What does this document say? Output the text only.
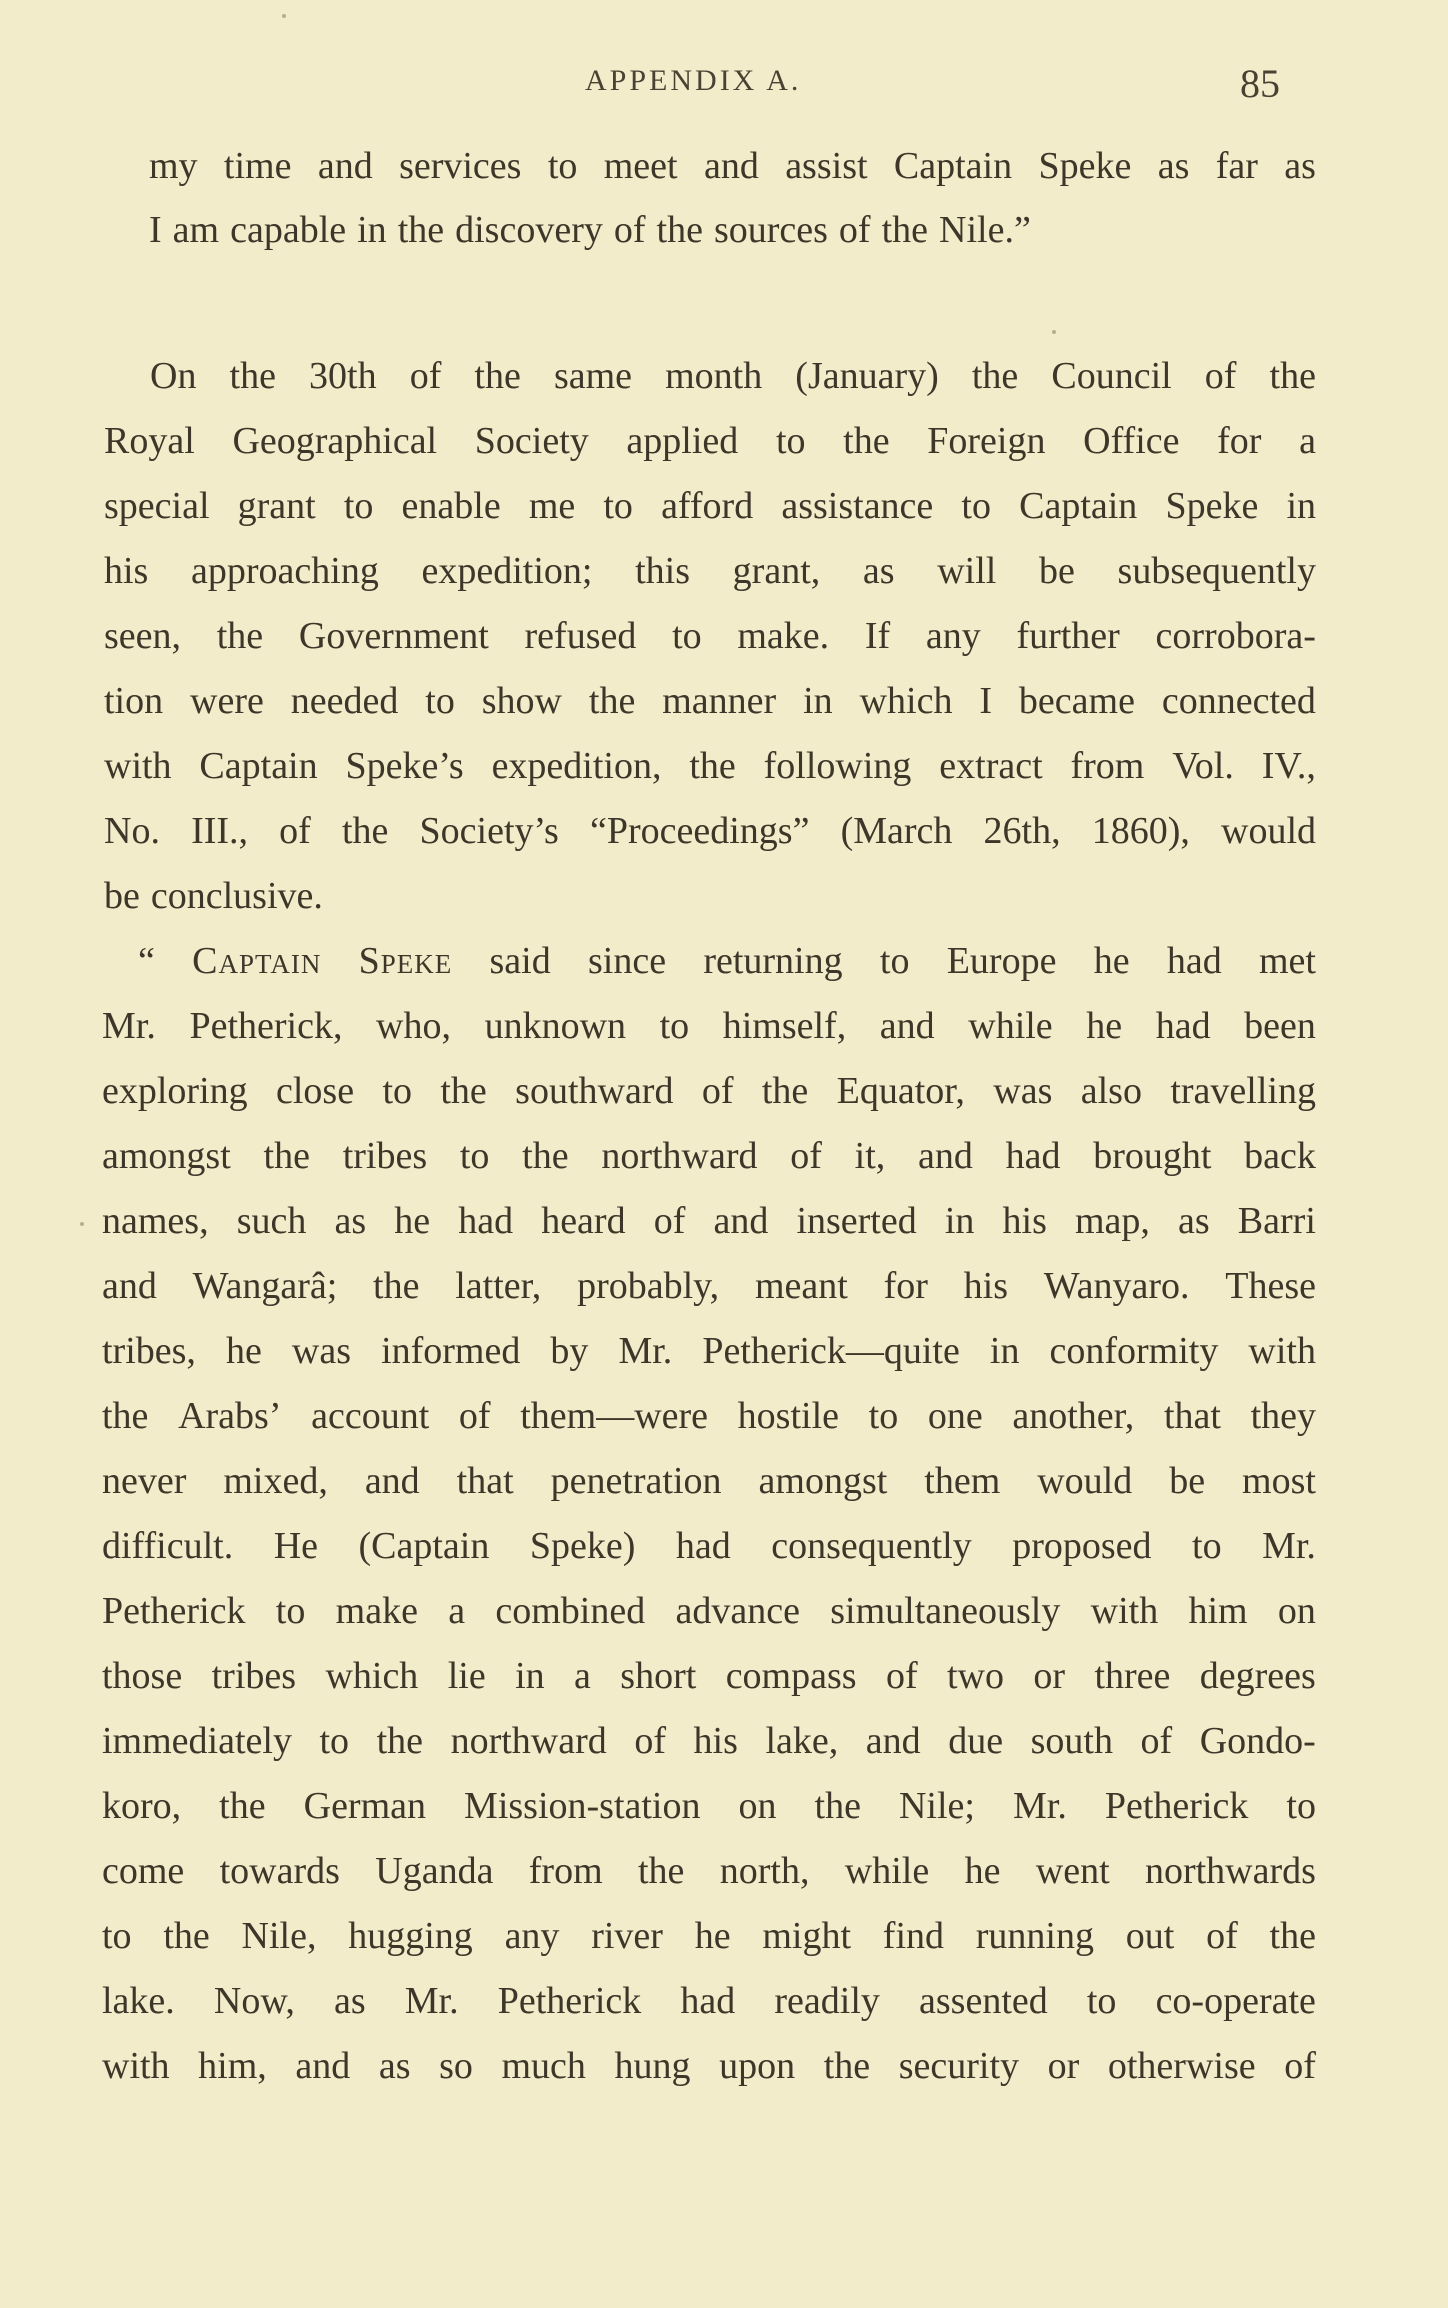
APPENDIX A.	85
my time and services to meet and assist Captain Speke as far as
I am capable in the discovery of the sources of the Nile.”
On the 30th of the same month (January) the Council of the
Royal Geographical Society applied to the Foreign Office for a
special grant to enable me to afford assistance to Captain Speke in
his approaching expedition; this grant, as will be subsequently
seen, the Government refused to make. If any further corrobora-
tion were needed to show the manner in which I became connected
with Captain Speke’s expedition, the following extract from Vol. IV.,
No. III., of the Society’s “Proceedings” (March 26th, 1860), would
be conclusive.
“ Captain Speke said since returning to Europe he had met
Mr. Petherick, who, unknown to himself, and while he had been
exploring close to the southward of the Equator, was also travelling
amongst the tribes to the northward of it, and had brought back
names, such as he had heard of and inserted in his map, as Barri
and Wangarâ; the latter, probably, meant for his Wanyaro. These
tribes, he was informed by Mr. Petherick—quite in conformity with
the Arabs’ account of them—were hostile to one another, that they
never mixed, and that penetration amongst them would be most
difficult. He (Captain Speke) had consequently proposed to Mr.
Petherick to make a combined advance simultaneously with him on
those tribes which lie in a short compass of two or three degrees
immediately to the northward of his lake, and due south of Gondo-
koro, the German Mission-station on the Nile; Mr. Petherick to
come towards Uganda from the north, while he went northwards
to the Nile, hugging any river he might find running out of the
lake. Now, as Mr. Petherick had readily assented to co-operate
with him, and as so much hung upon the security or otherwise of
